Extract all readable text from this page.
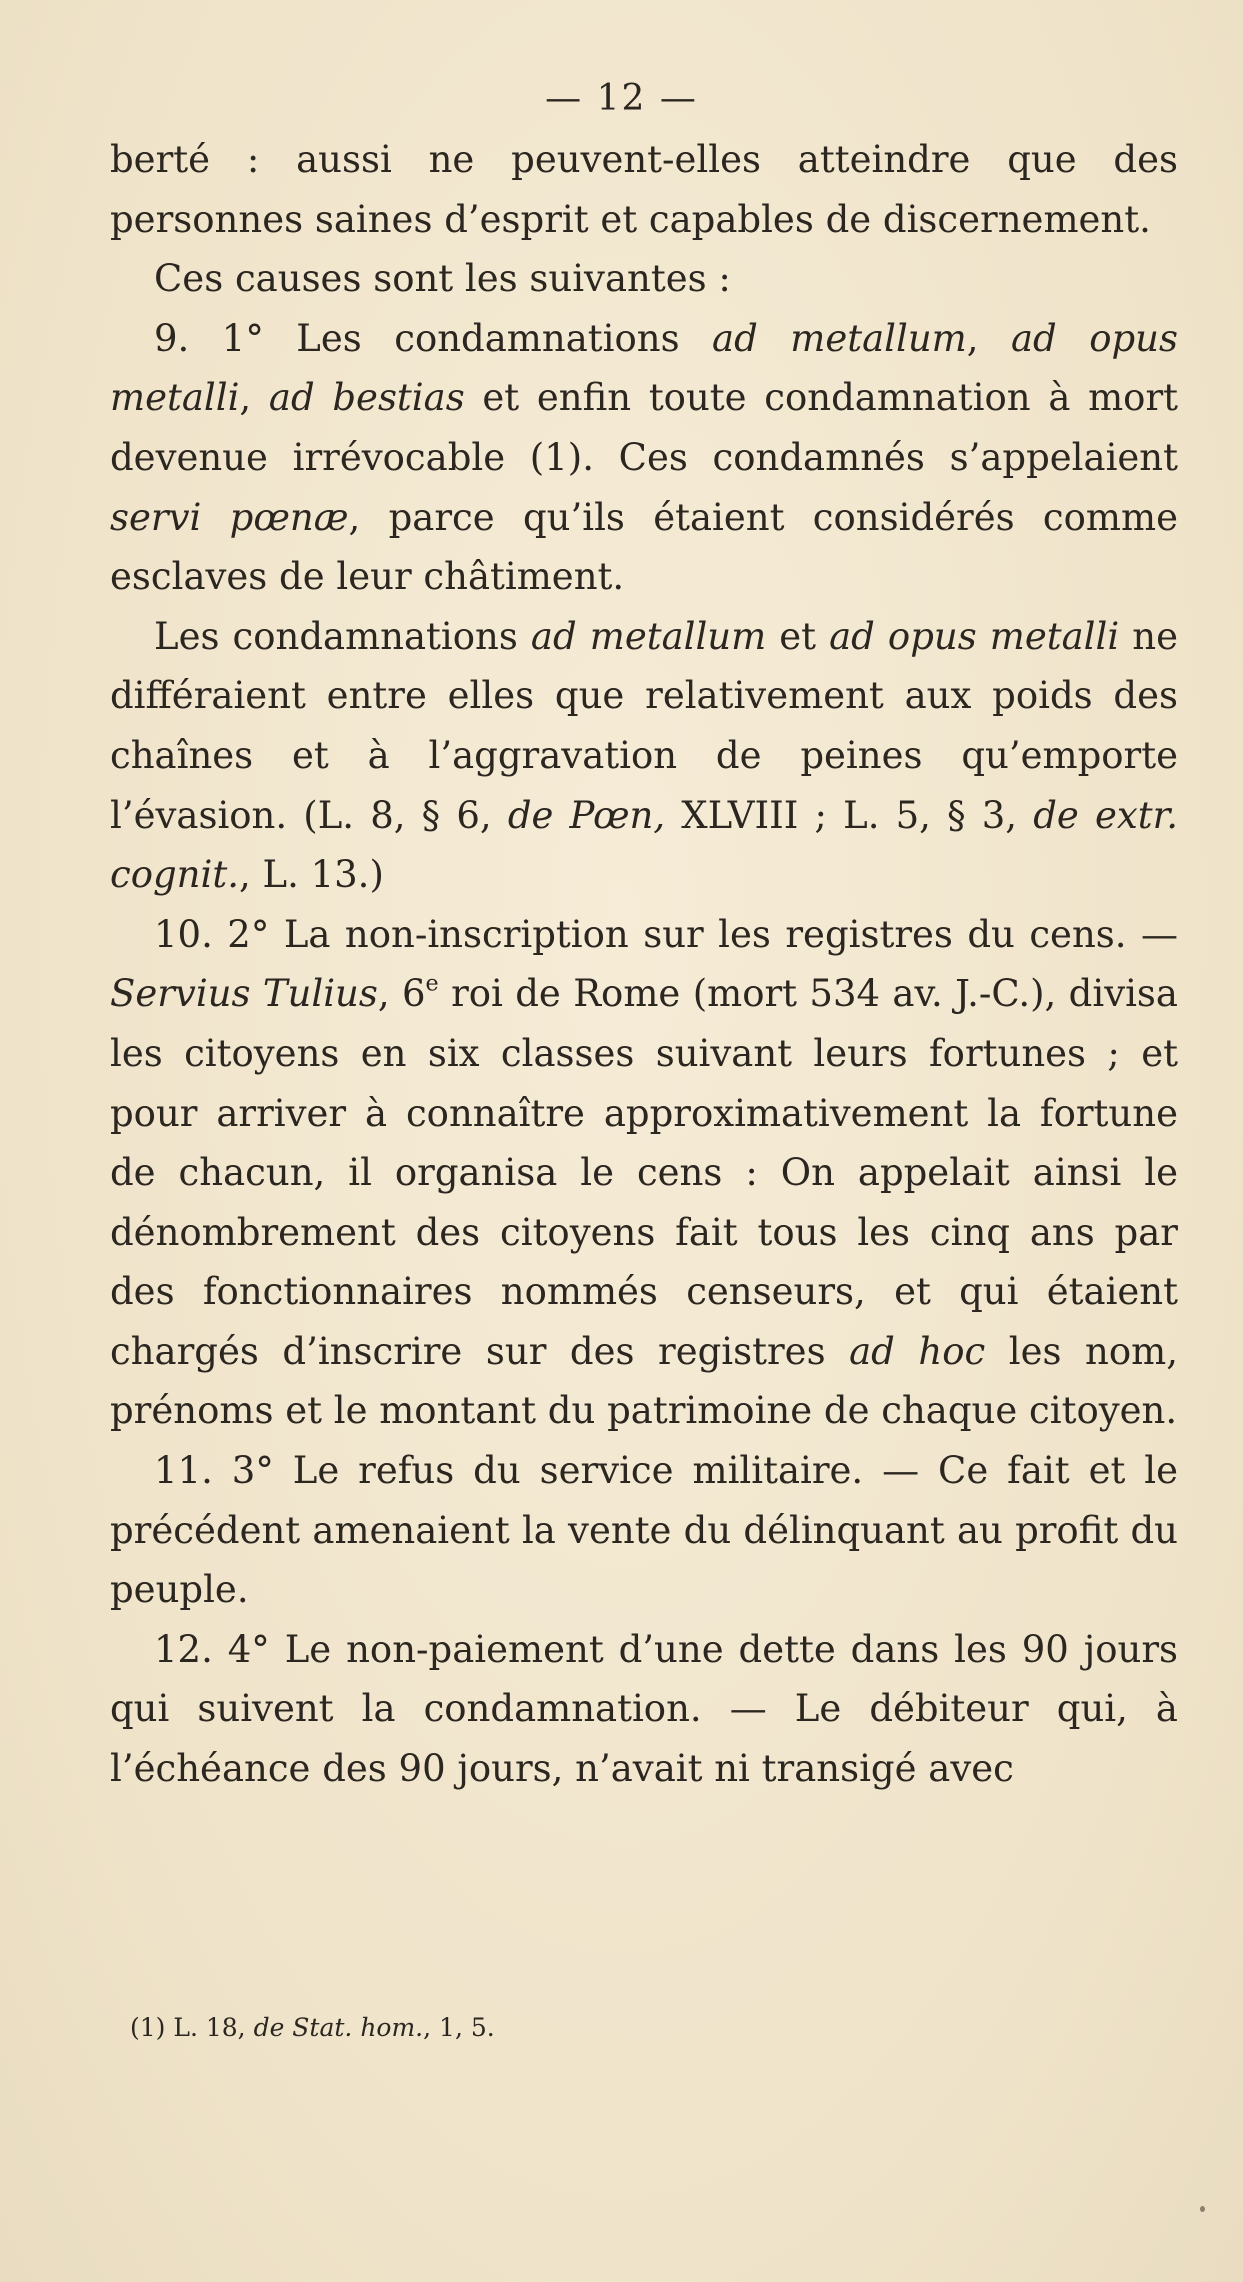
— 12 —

berté : aussi ne peuvent-elles atteindre que des personnes saines d’esprit et capables de discernement.

Ces causes sont les suivantes :

9. 1° Les condamnations ad metallum, ad opus metalli, ad bestias et enfin toute condamnation à mort devenue irrévocable (1). Ces condamnés s’appelaient servi pœnæ, parce qu’ils étaient considérés comme esclaves de leur châtiment.

Les condamnations ad metallum et ad opus metalli ne différaient entre elles que relativement aux poids des chaînes et à l’aggravation de peines qu’emporte l’évasion. (L. 8, § 6, de Pœn, XLVIII ; L. 5, § 3, de extr. cognit., L. 13.)

10. 2° La non-inscription sur les registres du cens. — Servius Tulius, 6e roi de Rome (mort 534 av. J.-C.), divisa les citoyens en six classes suivant leurs fortunes ; et pour arriver à connaître approximativement la fortune de chacun, il organisa le cens : On appelait ainsi le dénombrement des citoyens fait tous les cinq ans par des fonctionnaires nommés censeurs, et qui étaient chargés d’inscrire sur des registres ad hoc les nom, prénoms et le montant du patrimoine de chaque citoyen.

11. 3° Le refus du service militaire. — Ce fait et le précédent amenaient la vente du délinquant au profit du peuple.

12. 4° Le non-paiement d’une dette dans les 90 jours qui suivent la condamnation. — Le débiteur qui, à l’échéance des 90 jours, n’avait ni transigé avec

(1) L. 18, de Stat. hom., 1, 5.
